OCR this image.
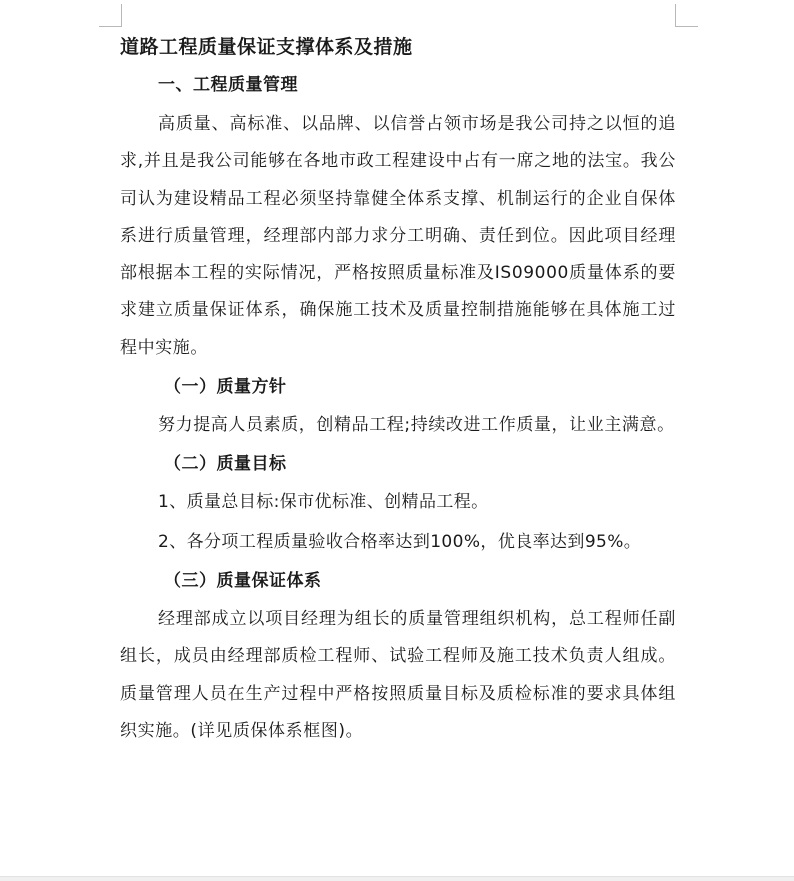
道路工程质量保证支撑体系及措施
一、工程质量管理

高质量、高标准、以品牌、以信誉占领市场是我公司持之以恒的追求,并且是我公司能够在各地市政工程建设中占有一席之地的法宝。我公司认为建设精品工程必须坚持靠健全体系支撑、机制运行的企业自保体系进行质量管理，经理部内部力求分工明确、责任到位。因此项目经理部根据本工程的实际情况，严格按照质量标准及IS09000质量体系的要求建立质量保证体系，确保施工技术及质量控制措施能够在具体施工过程中实施。

（一）质量方针

努力提高人员素质，创精品工程;持续改进工作质量，让业主满意。

（二）质量目标

1、质量总目标:保市优标准、创精品工程。

2、各分项工程质量验收合格率达到100%，优良率达到95%。

（三）质量保证体系

经理部成立以项目经理为组长的质量管理组织机构，总工程师任副组长，成员由经理部质检工程师、试验工程师及施工技术负责人组成。质量管理人员在生产过程中严格按照质量目标及质检标准的要求具体组织实施。(详见质保体系框图)。
